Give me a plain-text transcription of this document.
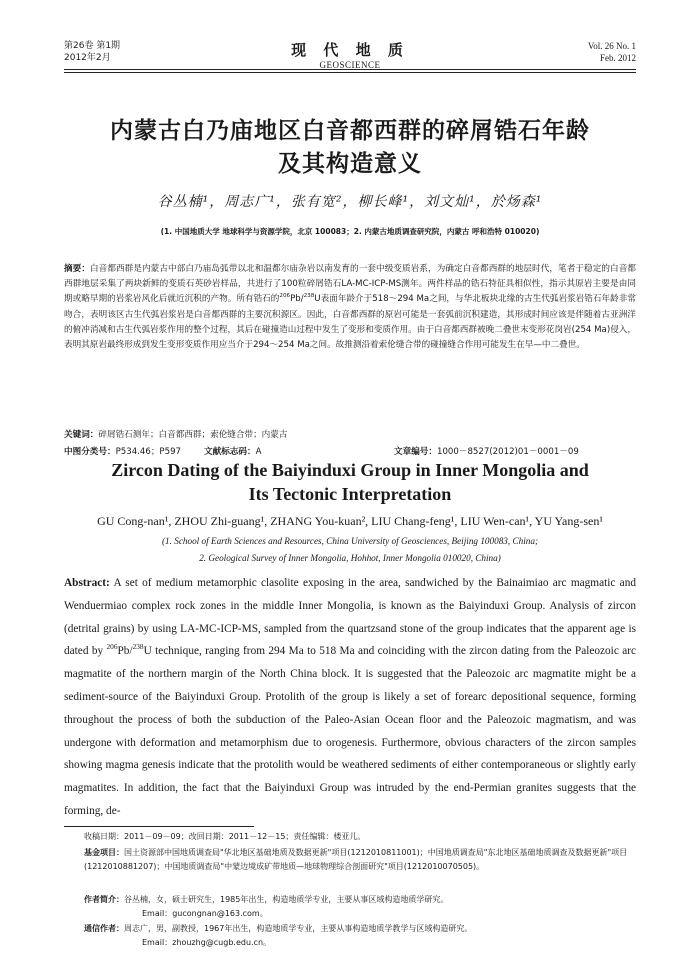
第26卷 第1期
2012年2月	现 代 地 质
GEOSCIENCE
Vol. 26 No. 1
Feb. 2012
内蒙古白乃庙地区白音都西群的碎屑锆石年龄
及其构造意义
谷丛楠¹，周志广¹，张有宽²，柳长峰¹，刘文灿¹，於炀森¹
(1. 中国地质大学 地球科学与资源学院，北京 100083；2. 内蒙古地质调查研究院，内蒙古 呼和浩特 010020)
摘要：白音都西群是内蒙古中部白乃庙岛弧带以北和温都尔庙杂岩以南发育的一套中级变质岩系，为确定白音都西群的地层时代，笔者于稳定的白音都西群地层采集了两块新鲜的变质石英砂岩样品，共进行了100粒碎屑锆石LA-MC-ICP-MS测年。两件样品的锆石特征具相似性，指示其原岩主要是由同期或略早期的岩浆岩风化后就近沉积的产物。所有锆石的$^{206}$Pb/$^{238}$U表面年龄介于518～294 Ma之间，与华北板块北缘的古生代弧岩浆岩锆石年龄非常吻合，表明该区古生代弧岩浆岩是白音都西群的主要沉积源区。因此，白音都西群的原岩可能是一套弧前沉积建造，其形成时间应该是伴随着古亚洲洋的俯冲消减和古生代弧岩浆作用的整个过程，其后在碰撞造山过程中发生了变形和变质作用。由于白音都西群被晚二叠世末变形花岗岩(254 Ma)侵入，表明其原岩最终形成到发生变形变质作用应当介于294～254 Ma之间。故推测沿着索伦缝合带的碰撞缝合作用可能发生在早—中二叠世。
关键词：碎屑锆石测年；白音都西群；索伦缝合带；内蒙古
中图分类号：P534.46；P597	文献标志码：A	文章编号：1000－8527(2012)01－0001－09
Zircon Dating of the Baiyinduxi Group in Inner Mongolia and
Its Tectonic Interpretation
GU Cong-nan¹, ZHOU Zhi-guang¹, ZHANG You-kuan², LIU Chang-feng¹, LIU Wen-can¹, YU Yang-sen¹
(1. School of Earth Sciences and Resources, China University of Geosciences, Beijing 100083, China;
2. Geological Survey of Inner Mongolia, Hohhot, Inner Mongolia 010020, China)
Abstract: A set of medium metamorphic clasolite exposing in the area, sandwiched by the Bainaimiao arc magmatic and Wenduermiao complex rock zones in the middle Inner Mongolia, is known as the Baiyinduxi Group. Analysis of zircon (detrital grains) by using LA-MC-ICP-MS, sampled from the quartzsand stone of the group indicates that the apparent age is dated by $^{206}$Pb/$^{238}$U technique, ranging from 294 Ma to 518 Ma and coinciding with the zircon dating from the Paleozoic arc magmatite of the northern margin of the North China block. It is suggested that the Paleozoic arc magmatite might be a sediment-source of the Baiyinduxi Group. Protolith of the group is likely a set of forearc depositional sequence, forming throughout the process of both the subduction of the Paleo-Asian Ocean floor and the Paleozoic magmatism, and was undergone with deformation and metamorphism due to orogenesis. Furthermore, obvious characters of the zircon samples showing magma genesis indicate that the protolith would be weathered sediments of either contemporaneous or slightly early magmatites. In addition, the fact that the Baiyinduxi Group was intruded by the end-Permian granites suggests that the forming, de-
收稿日期：2011－09－09；改回日期：2011－12－15；责任编辑：楼亚儿。
基金项目：国土资源部中国地质调查局"华北地区基础地质及数据更新"项目(1212010811001)；中国地质调查局"东北地区基础地质调查及数据更新"项目(1212010881207)；中国地质调查局"中蒙边境成矿带地质—地球物理综合剖面研究"项目(1212010070505)。
作者简介：谷丛楠，女，硕士研究生，1985年出生，构造地质学专业，主要从事区域构造地质学研究。
Email：gucongnan@163.com。
通信作者：周志广，男，副教授，1967年出生，构造地质学专业，主要从事构造地质学教学与区域构造研究。
Email：zhouzhg@cugb.edu.cn。
